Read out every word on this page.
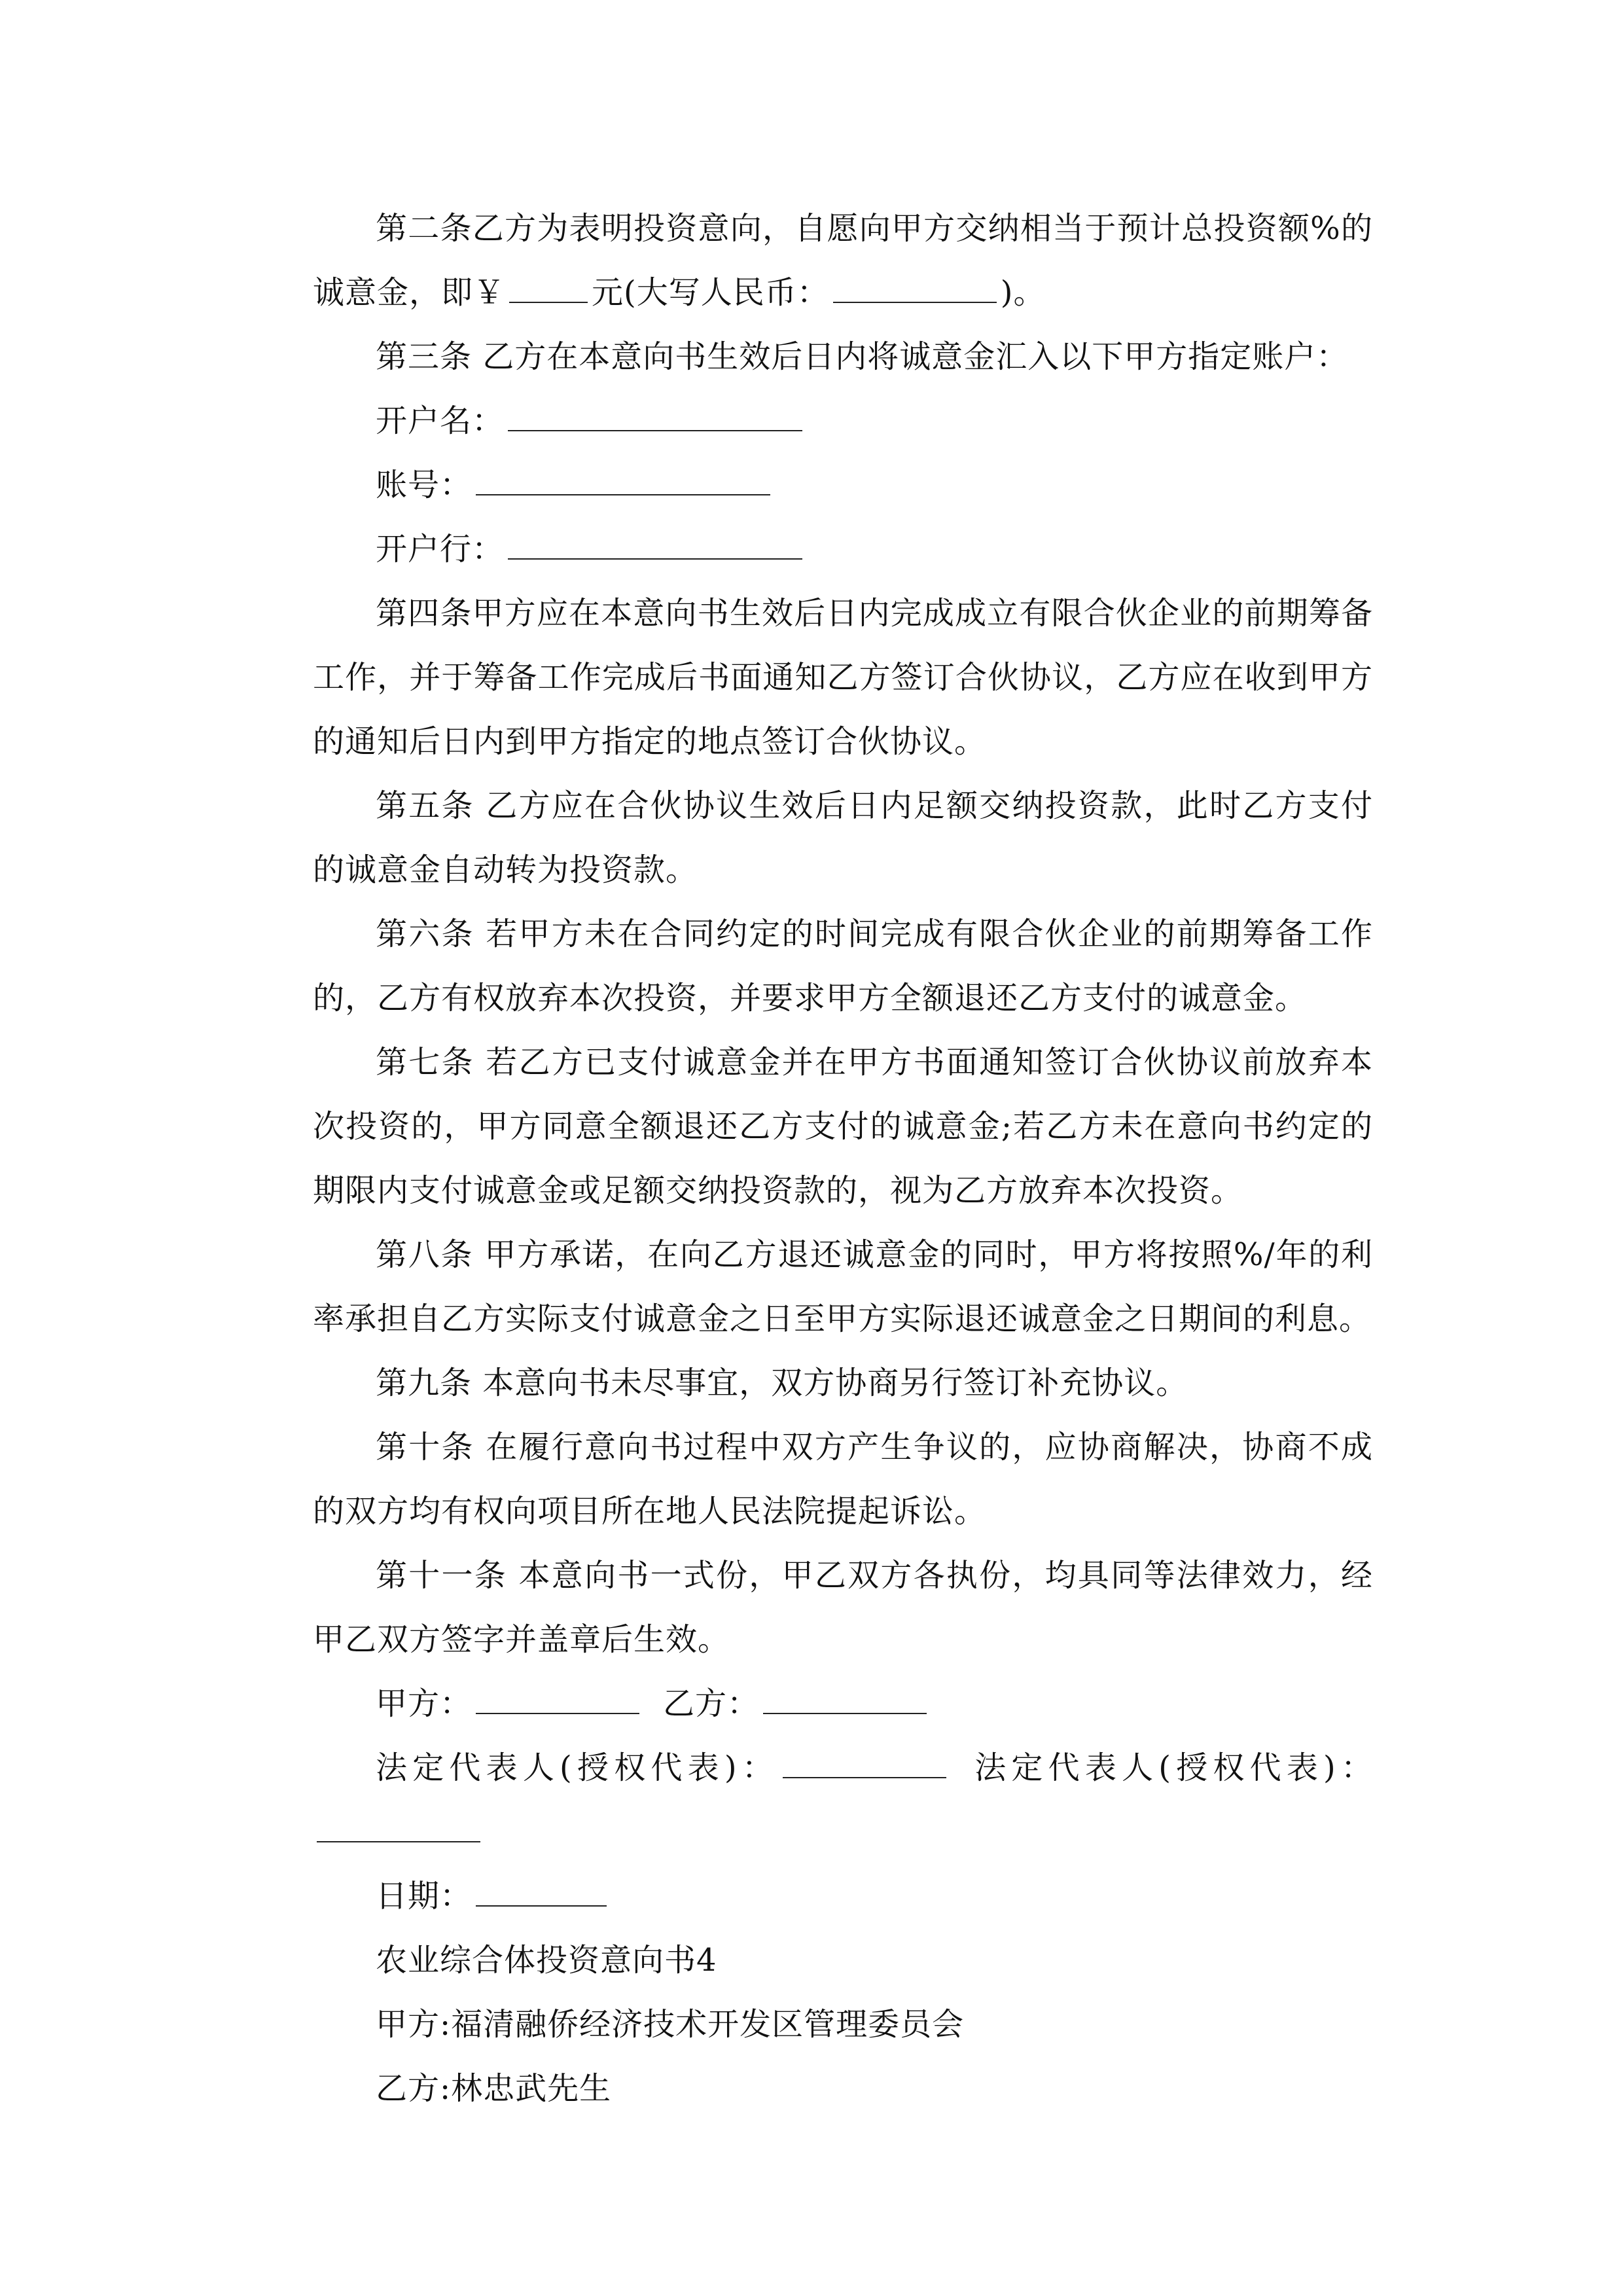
第二条乙方为表明投资意向，自愿向甲方交纳相当于预计总投资额%的诚意金，即￥	元(大写人民币：	)。

第三条 乙方在本意向书生效后日内将诚意金汇入以下甲方指定账户：

开户名：

账号：

开户行：

第四条甲方应在本意向书生效后日内完成成立有限合伙企业的前期筹备工作，并于筹备工作完成后书面通知乙方签订合伙协议，乙方应在收到甲方的通知后日内到甲方指定的地点签订合伙协议。

第五条 乙方应在合伙协议生效后日内足额交纳投资款，此时乙方支付的诚意金自动转为投资款。

第六条 若甲方未在合同约定的时间完成有限合伙企业的前期筹备工作的，乙方有权放弃本次投资，并要求甲方全额退还乙方支付的诚意金。

第七条 若乙方已支付诚意金并在甲方书面通知签订合伙协议前放弃本次投资的，甲方同意全额退还乙方支付的诚意金;若乙方未在意向书约定的期限内支付诚意金或足额交纳投资款的，视为乙方放弃本次投资。

第八条 甲方承诺，在向乙方退还诚意金的同时，甲方将按照%/年的利率承担自乙方实际支付诚意金之日至甲方实际退还诚意金之日期间的利息。

第九条 本意向书未尽事宜，双方协商另行签订补充协议。

第十条 在履行意向书过程中双方产生争议的，应协商解决，协商不成的双方均有权向项目所在地人民法院提起诉讼。

第十一条 本意向书一式份，甲乙双方各执份，均具同等法律效力，经甲乙双方签字并盖章后生效。

甲方：	乙方：

法定代表人(授权代表)：	法定代表人(授权代表)：

日期：

农业综合体投资意向书4

甲方:福清融侨经济技术开发区管理委员会

乙方:林忠武先生
